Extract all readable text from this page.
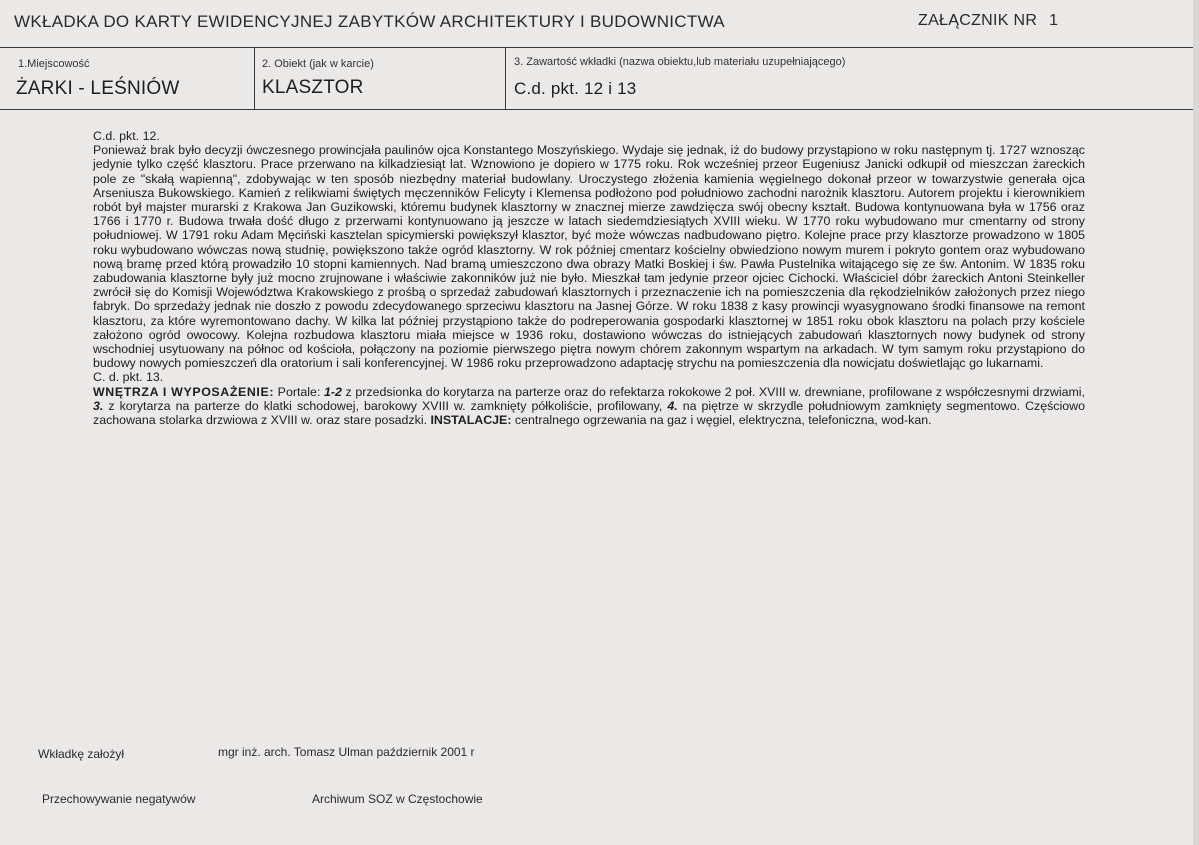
WKŁADKA DO KARTY EWIDENCYJNEJ ZABYTKÓW ARCHITEKTURY I BUDOWNICTWA	ZAŁĄCZNIK NR 1
1.Miejscowość
ŻARKI - LEŚNIÓW
2. Obiekt (jak w karcie)
KLASZTOR
3. Zawartość wkładki (nazwa obiektu,lub materiału uzupełniającego)
C.d. pkt. 12 i 13

C.d. pkt. 12.

Ponieważ brak było decyzji ówczesnego prowincjała paulinów ojca Konstantego Moszyńskiego. Wydaje się jednak, iż do budowy przystąpiono w roku następnym tj. 1727 wznosząc jedynie tylko część klasztoru. Prace przerwano na kilkadziesiąt lat. Wznowiono je dopiero w 1775 roku. Rok wcześniej przeor Eugeniusz Janicki odkupił od mieszczan żareckich pole ze "skałą wapienną", zdobywając w ten sposób niezbędny materiał budowlany. Uroczystego złożenia kamienia węgielnego dokonał przeor w towarzystwie generała ojca Arseniusza Bukowskiego. Kamień z relikwiami świętych męczenników Felicyty i Klemensa podłożono pod południowo zachodni narożnik klasztoru. Autorem projektu i kierownikiem robót był majster murarski z Krakowa Jan Guzikowski, któremu budynek klasztorny w znacznej mierze zawdzięcza swój obecny kształt. Budowa kontynuowana była w 1756 oraz 1766 i 1770 r. Budowa trwała dość długo z przerwami kontynuowano ją jeszcze w latach siedemdziesiątych XVIII wieku. W 1770 roku wybudowano mur cmentarny od strony południowej. W 1791 roku Adam Męciński kasztelan spicymierski powiększył klasztor, być może wówczas nadbudowano piętro. Kolejne prace przy klasztorze prowadzono w 1805 roku wybudowano wówczas nową studnię, powiększono także ogród klasztorny. W rok później cmentarz kościelny obwiedziono nowym murem i pokryto gontem oraz wybudowano nową bramę przed którą prowadziło 10 stopni kamiennych. Nad bramą umieszczono dwa obrazy Matki Boskiej i św. Pawła Pustelnika witającego się ze św. Antonim. W 1835 roku zabudowania klasztorne były już mocno zrujnowane i właściwie zakonników już nie było. Mieszkał tam jedynie przeor ojciec Cichocki. Właściciel dóbr żareckich Antoni Steinkeller zwrócił się do Komisji Województwa Krakowskiego z prośbą o sprzedaż zabudowań klasztornych i przeznaczenie ich na pomieszczenia dla rękodzielników założonych przez niego fabryk. Do sprzedaży jednak nie doszło z powodu zdecydowanego sprzeciwu klasztoru na Jasnej Górze. W roku 1838 z kasy prowincji wyasygnowano środki finansowe na remont klasztoru, za które wyremontowano dachy. W kilka lat później przystąpiono także do podreperowania gospodarki klasztornej w 1851 roku obok klasztoru na polach przy kościele założono ogród owocowy. Kolejna rozbudowa klasztoru miała miejsce w 1936 roku, dostawiono wówczas do istniejących zabudowań klasztornych nowy budynek od strony wschodniej usytuowany na północ od kościoła, połączony na poziomie pierwszego piętra nowym chórem zakonnym wspartym na arkadach. W tym samym roku przystąpiono do budowy nowych pomieszczeń dla oratorium i sali konferencyjnej. W 1986 roku przeprowadzono adaptację strychu na pomieszczenia dla nowicjatu doświetlając go lukarnami.

C. d. pkt. 13.

WNĘTRZA I WYPOSAŻENIE: Portale: 1-2 z przedsionka do korytarza na parterze oraz do refektarza rokokowe 2 poł. XVIII w. drewniane, profilowane z współczesnymi drzwiami, 3. z korytarza na parterze do klatki schodowej, barokowy XVIII w. zamknięty półkoliście, profilowany, 4. na piętrze w skrzydle południowym zamknięty segmentowo. Częściowo zachowana stolarka drzwiowa z XVIII w. oraz stare posadzki. INSTALACJE: centralnego ogrzewania na gaz i węgiel, elektryczna, telefoniczna, wod-kan.

Wkładkę założył	mgr inż. arch. Tomasz Ulman październik 2001 r
Przechowywanie negatywów	Archiwum SOZ w Częstochowie
